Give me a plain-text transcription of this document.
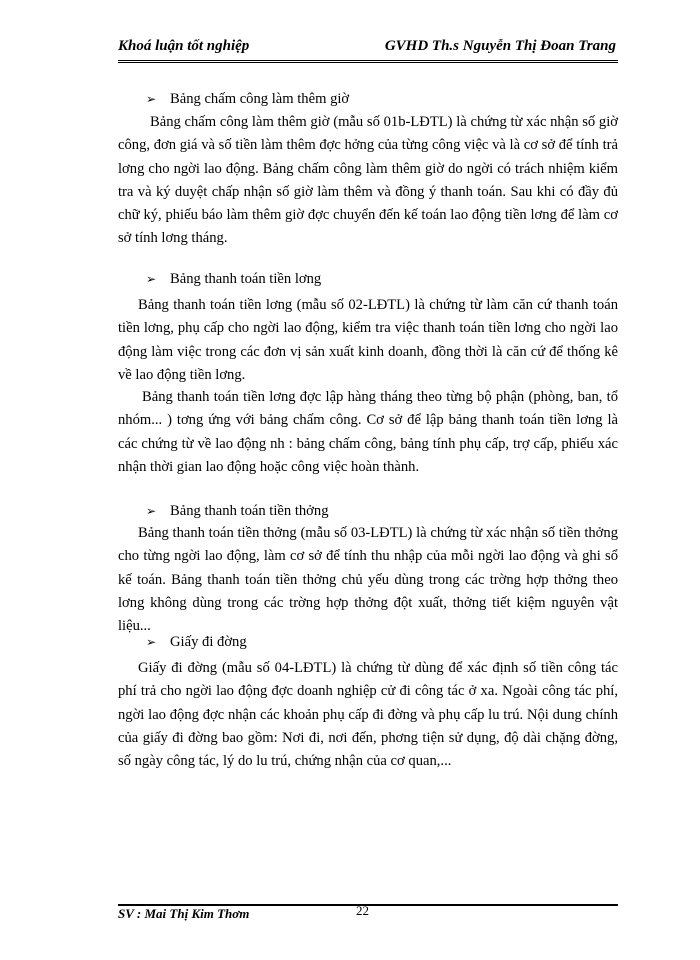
Khoá luận tốt nghiệp	GVHD Th.s Nguyễn Thị Đoan Trang
➢ Bảng chấm công làm thêm giờ

Bảng chấm công làm thêm giờ (mẫu số 01b-LĐTL) là chứng từ xác nhận số giờ công, đơn giá và số tiền làm thêm đợc hởng của từng công việc và là cơ sở để tính trả lơng cho ngời lao động. Bảng chấm công làm thêm giờ do ngời có trách nhiệm kiểm tra và ký duyệt chấp nhận số giờ làm thêm và đồng ý thanh toán. Sau khi có đầy đủ chữ ký, phiếu báo làm thêm giờ đợc chuyển đến kế toán lao động tiền lơng để làm cơ sở tính lơng tháng.

➢ Bảng thanh toán tiền lơng

Bảng thanh toán tiền lơng (mẫu số 02-LĐTL) là chứng từ làm căn cứ thanh toán tiền lơng, phụ cấp cho ngời lao động, kiểm tra việc thanh toán tiền lơng cho ngời lao động làm việc trong các đơn vị sản xuất kinh doanh, đồng thời là căn cứ để thống kê về lao động tiền lơng.

Bảng thanh toán tiền lơng đợc lập hàng tháng theo từng bộ phận (phòng, ban, tổ nhóm... ) tơng ứng với bảng chấm công. Cơ sở để lập bảng thanh toán tiền lơng là các chứng từ về lao động nh : bảng chấm công, bảng tính phụ cấp, trợ cấp, phiếu xác nhận thời gian lao động hoặc công việc hoàn thành.

➢ Bảng thanh toán tiền thởng

Bảng thanh toán tiền thởng (mẫu số 03-LĐTL) là chứng từ xác nhận số tiền thởng cho từng ngời lao động, làm cơ sở để tính thu nhập của mỗi ngời lao động và ghi sổ kế toán. Bảng thanh toán tiền thởng chủ yếu dùng trong các trờng hợp thởng theo lơng không dùng trong các trờng hợp thởng đột xuất, thởng tiết kiệm nguyên vật liệu...

➢ Giấy đi đờng

Giấy đi đờng (mẫu số 04-LĐTL) là chứng từ dùng để xác định số tiền công tác phí trả cho ngời lao động đợc doanh nghiệp cử đi công tác ở xa. Ngoài công tác phí, ngời lao động đợc nhận các khoản phụ cấp đi đờng và phụ cấp lu trú. Nội dung chính của giấy đi đờng bao gồm: Nơi đi, nơi đến, phơng tiện sử dụng, độ dài chặng đờng, số ngày công tác, lý do lu trú, chứng nhận của cơ quan,...

SV : Mai Thị Kim Thơm	22
